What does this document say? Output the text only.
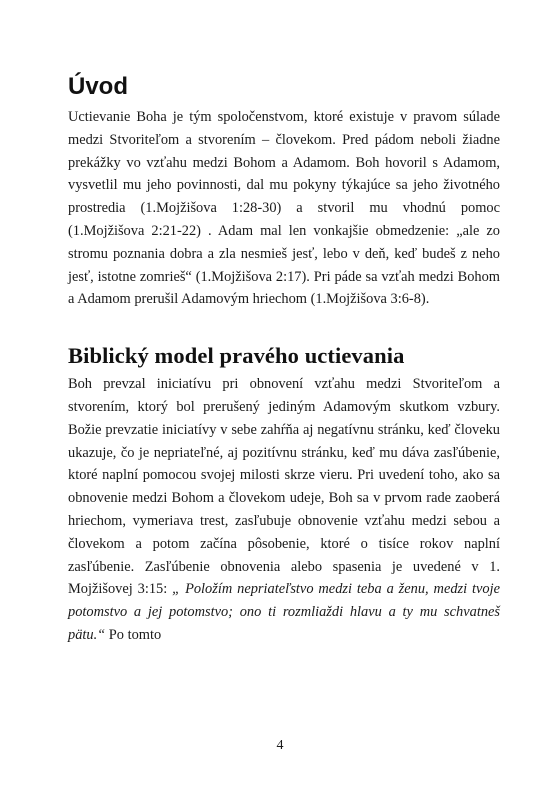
Úvod

Uctievanie Boha je tým spoločenstvom, ktoré existuje v pravom súlade medzi Stvoriteľom a stvorením – človekom. Pred pádom neboli žiadne prekážky vo vzťahu medzi Bohom a Adamom. Boh hovoril s Adamom, vysvetlil mu jeho povinnosti, dal mu pokyny týkajúce sa jeho životného prostredia (1.Mojžišova 1:28-30) a stvoril mu vhodnú pomoc (1.Mojžišova 2:21-22) . Adam mal len vonkajšie obmedzenie: „ale zo stromu poznania dobra a zla nesmieš jesť, lebo v deň, keď budeš z neho jesť, istotne zomrieš“ (1.Mojžišova 2:17). Pri páde sa vzťah medzi Bohom a Adamom prerušil Adamovým hriechom (1.Mojžišova 3:6-8).

Biblický model pravého uctievania

Boh prevzal iniciatívu pri obnovení vzťahu medzi Stvoriteľom a stvorením, ktorý bol prerušený jediným Adamovým skutkom vzbury. Božie prevzatie iniciatívy v sebe zahŕňa aj negatívnu stránku, keď človeku ukazuje, čo je nepriateľné, aj pozitívnu stránku, keď mu dáva zasľúbenie, ktoré naplní pomocou svojej milosti skrze vieru. Pri uvedení toho, ako sa obnovenie medzi Bohom a človekom udeje, Boh sa v prvom rade zaoberá hriechom, vymeriava trest, zasľubuje obnovenie vzťahu medzi sebou a človekom a potom začína pôsobenie, ktoré o tisíce rokov naplní zasľúbenie. Zasľúbenie obnovenia alebo spasenia je uvedené v 1. Mojžišovej 3:15: „ Položím nepriateľstvo medzi teba a ženu, medzi tvoje potomstvo a jej potomstvo; ono ti rozmliaždi hlavu a ty mu schvatneš pätu.“ Po tomto

4
